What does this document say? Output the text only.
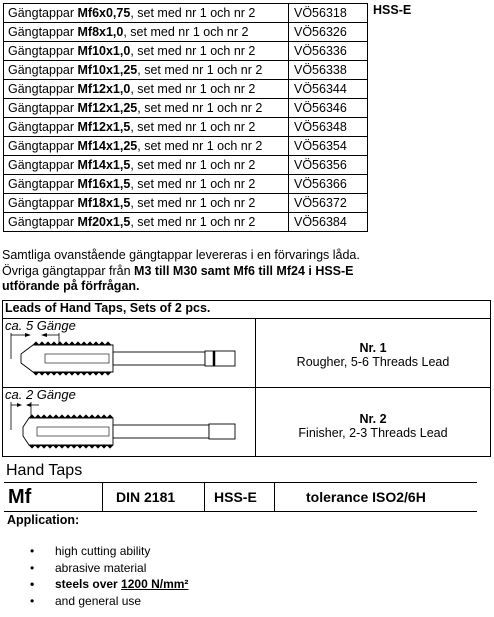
Gängtappar Mf6x0,75, set med nr 1 och nr 2	VÖ56318
Gängtappar Mf8x1,0, set med nr 1 och nr 2	VÖ56326
Gängtappar Mf10x1,0, set med nr 1 och nr 2	VÖ56336
Gängtappar Mf10x1,25, set med nr 1 och nr 2	VÖ56338
Gängtappar Mf12x1,0, set med nr 1 och nr 2	VÖ56344
Gängtappar Mf12x1,25, set med nr 1 och nr 2	VÖ56346
Gängtappar Mf12x1,5, set med nr 1 och nr 2	VÖ56348
Gängtappar Mf14x1,25, set med nr 1 och nr 2	VÖ56354
Gängtappar Mf14x1,5, set med nr 1 och nr 2	VÖ56356
Gängtappar Mf16x1,5, set med nr 1 och nr 2	VÖ56366
Gängtappar Mf18x1,5, set med nr 1 och nr 2	VÖ56372
Gängtappar Mf20x1,5, set med nr 1 och nr 2	VÖ56384
HSS-E
Samtliga ovanstående gängtappar levereras i en förvarings låda.
Övriga gängtappar från M3 till M30 samt Mf6 till Mf24 i HSS-E
utförande på förfrågan.
Leads of Hand Taps, Sets of 2 pcs.
ca. 5 Gänge
Nr. 1
Rougher, 5-6 Threads Lead
ca. 2 Gänge
Nr. 2
Finisher, 2-3 Threads Lead
Hand Taps
Mf	DIN 2181	HSS-E	tolerance ISO2/6H
Application:
• high cutting ability
• abrasive material
• steels over 1200 N/mm²
• and general use
